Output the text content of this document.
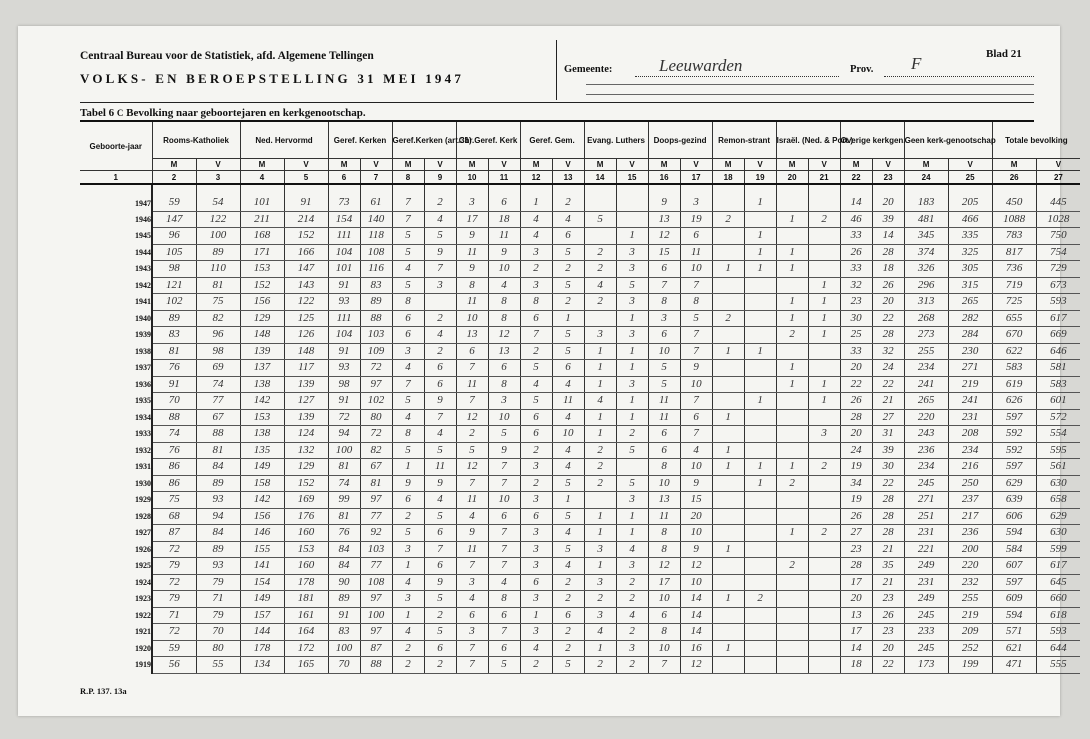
Centraal Bureau voor de Statistiek, afd. Algemene Tellingen
VOLKS- EN BEROEPSTELLING 31 MEI 1947
Gemeente:	Leeuwarden	Prov. F	Blad 21
Tabel 6 C Bevolking naar geboortejaren en kerkgenootschap.
Geboorte-jaar	Rooms-Katholiek		Ned. Hervormd		Geref. Kerken		Geref.Kerken (art.31)		Chr.Geref. Kerk		Geref. Gem.		Evang. Luthers		Doops-gezind		Remon-strant		Israël. (Ned. & Port.)		Overige kerkgen.		Geen kerk-genootschap		Totale bevolking	
	M	V	M	V	M	V	M	V	M	V	M	V	M	V	M	V	M	V	M	V	M	V	M	V	M	V
1	2	3	4	5	6	7	8	9	10	11	12	13	14	15	16	17	18	19	20	21	22	23	24	25	26	27

1947	59	54	101	91	73	61	7	2	3	6	1	2			9	3		1			14	20	183	205	450	445
1946	147	122	211	214	154	140	7	4	17	18	4	4	5		13	19	2		1	2	46	39	481	466	1088	1028
1945	96	100	168	152	111	118	5	5	9	11	4	6		1	12	6		1			33	14	345	335	783	750
1944	105	89	171	166	104	108	5	9	11	9	3	5	2	3	15	11		1	1		26	28	374	325	817	754
1943	98	110	153	147	101	116	4	7	9	10	2	2	2	3	6	10	1	1	1		33	18	326	305	736	729
1942	121	81	152	143	91	83	5	3	8	4	3	5	4	5	7	7				1	32	26	296	315	719	673
1941	102	75	156	122	93	89	8		11	8	8	2	2	3	8	8			1	1	23	20	313	265	725	593
1940	89	82	129	125	111	88	6	2	10	8	6	1		1	3	5	2		1	1	30	22	268	282	655	617
1939	83	96	148	126	104	103	6	4	13	12	7	5	3	3	6	7			2	1	25	28	273	284	670	669
1938	81	98	139	148	91	109	3	2	6	13	2	5	1	1	10	7	1	1			33	32	255	230	622	646
1937	76	69	137	117	93	72	4	6	7	6	5	6	1	1	5	9			1		20	24	234	271	583	581
1936	91	74	138	139	98	97	7	6	11	8	4	4	1	3	5	10			1	1	22	22	241	219	619	583
1935	70	77	142	127	91	102	5	9	7	3	5	11	4	1	11	7		1		1	26	21	265	241	626	601
1934	88	67	153	139	72	80	4	7	12	10	6	4	1	1	11	6	1				28	27	220	231	597	572
1933	74	88	138	124	94	72	8	4	2	5	6	10	1	2	6	7				3	20	31	243	208	592	554
1932	76	81	135	132	100	82	5	5	5	9	2	4	2	5	6	4	1				24	39	236	234	592	595
1931	86	84	149	129	81	67	1	11	12	7	3	4	2		8	10	1	1	1	2	19	30	234	216	597	561
1930	86	89	158	152	74	81	9	9	7	7	2	5	2	5	10	9		1	2		34	22	245	250	629	630
1929	75	93	142	169	99	97	6	4	11	10	3	1		3	13	15					19	28	271	237	639	658
1928	68	94	156	176	81	77	2	5	4	6	6	5	1	1	11	20					26	28	251	217	606	629
1927	87	84	146	160	76	92	5	6	9	7	3	4	1	1	8	10			1	2	27	28	231	236	594	630
1926	72	89	155	153	84	103	3	7	11	7	3	5	3	4	8	9	1				23	21	221	200	584	599
1925	79	93	141	160	84	77	1	6	7	7	3	4	1	3	12	12			2		28	35	249	220	607	617
1924	72	79	154	178	90	108	4	9	3	4	6	2	3	2	17	10					17	21	231	232	597	645
1923	79	71	149	181	89	97	3	5	4	8	3	2	2	2	10	14	1	2			20	23	249	255	609	660
1922	71	79	157	161	91	100	1	2	6	6	1	6	3	4	6	14					13	26	245	219	594	618
1921	72	70	144	164	83	97	4	5	3	7	3	2	4	2	8	14					17	23	233	209	571	593
1920	59	80	178	172	100	87	2	6	7	6	4	2	1	3	10	16	1				14	20	245	252	621	644
1919	56	55	134	165	70	88	2	2	7	5	2	5	2	2	7	12					18	22	173	199	471	555
R.P. 137. 13a
